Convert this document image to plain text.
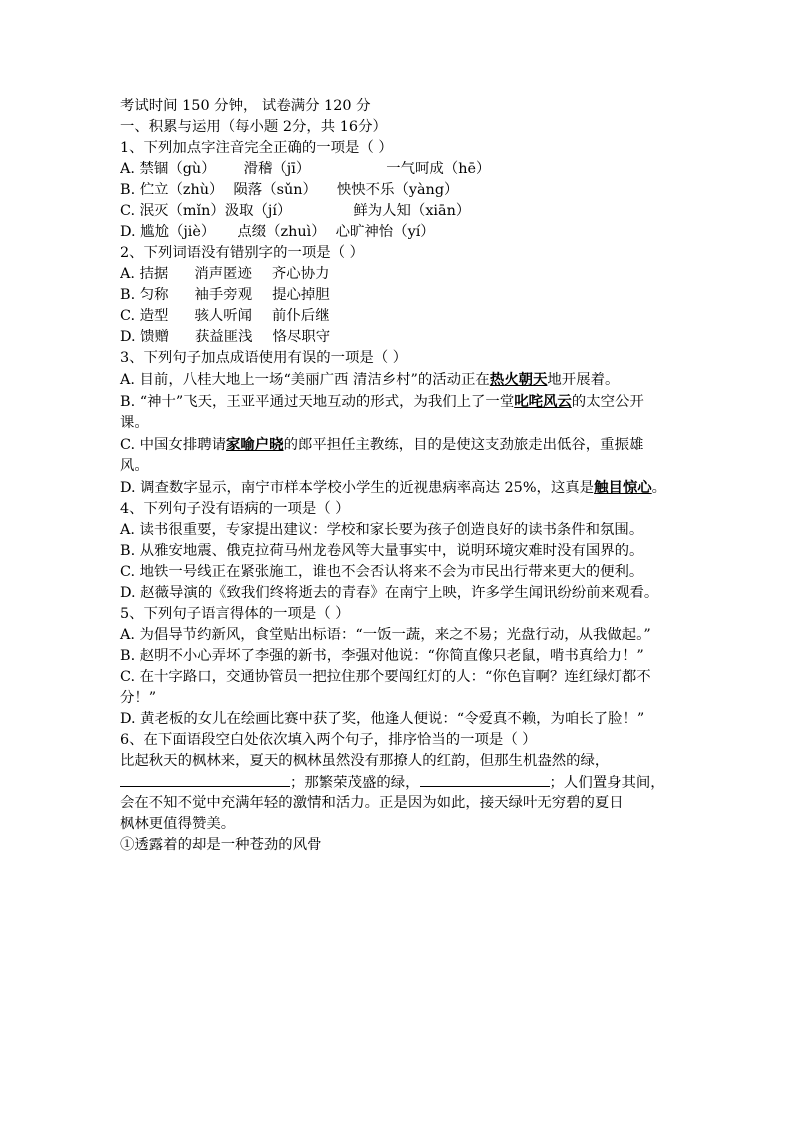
考试时间 150 分钟， 试卷满分 120 分
一、积累与运用（每小题 2分，共 16分）
1、下列加点字注音完全正确的一项是（ ）
A. 禁锢（gù） 滑稽（jī）	一气呵成（hē）
B. 伫立（zhù） 陨落（sǔn） 怏怏不乐（yàng）
C. 泯灭（mǐn）汲取（jí）	鲜为人知（xiān）
D. 尴尬（jiè） 点缀（zhuì） 心旷神怡（yí）
2、下列词语没有错别字的一项是（ ）
A. 拮据 消声匿迹 齐心协力
B. 匀称 袖手旁观 提心掉胆
C. 造型 骇人听闻 前仆后继
D. 馈赠 获益匪浅 恪尽职守
3、下列句子加点成语使用有误的一项是（ ）
A. 目前，八桂大地上一场“美丽广西 清洁乡村”的活动正在热火朝天地开展着。
B. “神十”飞天，王亚平通过天地互动的形式，为我们上了一堂叱咤风云的太空公开课。
C. 中国女排聘请家喻户晓的郎平担任主教练，目的是使这支劲旅走出低谷，重振雄风。
D. 调查数字显示，南宁市样本学校小学生的近视患病率高达 25%，这真是触目惊心。
4、下列句子没有语病的一项是（ ）
A. 读书很重要，专家提出建议：学校和家长要为孩子创造良好的读书条件和氛围。
B. 从雅安地震、俄克拉荷马州龙卷风等大量事实中，说明环境灾难时没有国界的。
C. 地铁一号线正在紧张施工，谁也不会否认将来不会为市民出行带来更大的便利。
D. 赵薇导演的《致我们终将逝去的青春》在南宁上映，许多学生闻讯纷纷前来观看。
5、下列句子语言得体的一项是（ ）
A. 为倡导节约新风，食堂贴出标语：“一饭一蔬，来之不易；光盘行动，从我做起。”
B. 赵明不小心弄坏了李强的新书，李强对他说：“你简直像只老鼠，啃书真给力！”
C. 在十字路口，交通协管员一把拉住那个要闯红灯的人：“你色盲啊？连红绿灯都不分！”
D. 黄老板的女儿在绘画比赛中获了奖，他逢人便说：“令爱真不赖，为咱长了脸！”
6、在下面语段空白处依次填入两个句子，排序恰当的一项是（ ）
比起秋天的枫林来，夏天的枫林虽然没有那撩人的红韵，但那生机盎然的绿，
；那繁荣茂盛的绿，	；人们置身其间，
会在不知不觉中充满年轻的激情和活力。正是因为如此，接天绿叶无穷碧的夏日
枫林更值得赞美。
①透露着的却是一种苍劲的风骨
